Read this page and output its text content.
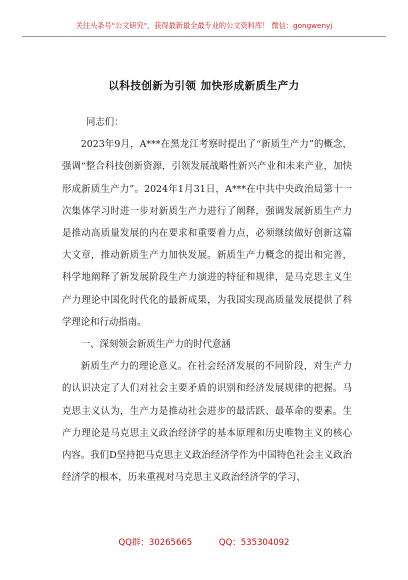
关注头条号"公文研究"，获得最新最全最专业的公文资料库！ 微信：gongwenyj
以科技创新为引领 加快形成新质生产力

同志们：

2023年9月，A***在黑龙江考察时提出了“新质生产力”的概念，强调“整合科技创新资源，引领发展战略性新兴产业和未来产业，加快形成新质生产力”。2024年1月31日，A***在中共中央政治局第十一次集体学习时进一步对新质生产力进行了阐释，强调发展新质生产力是推动高质量发展的内在要求和重要着力点，必须继续做好创新这篇大文章，推动新质生产力加快发展。新质生产力概念的提出和完善，科学地阐释了新发展阶段生产力演进的特征和规律，是马克思主义生产力理论中国化时代化的最新成果，为我国实现高质量发展提供了科学理论和行动指南。

一、深刻领会新质生产力的时代意涵

新质生产力的理论意义。在社会经济发展的不同阶段，对生产力的认识决定了人们对社会主要矛盾的识别和经济发展规律的把握。马克思主义认为，生产力是推动社会进步的最活跃、最革命的要素。生产力理论是马克思主义政治经济学的基本原理和历史唯物主义的核心内容。我们D坚持把马克思主义政治经济学作为中国特色社会主义政治经济学的根本，历来重视对马克思主义政治经济学的学习、

QQ群：30265665	QQ：535304092
